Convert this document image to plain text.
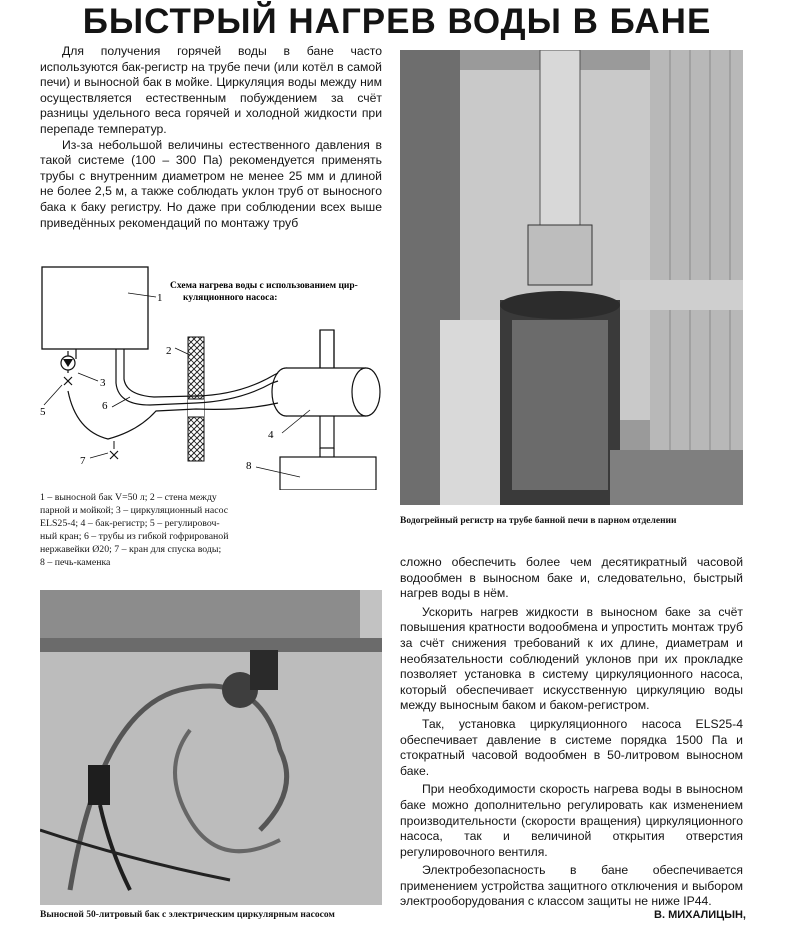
БЫСТРЫЙ НАГРЕВ ВОДЫ В БАНЕ

Для получения горячей воды в бане часто используются бак-регистр на трубе печи (или котёл в самой печи) и выносной бак в мойке. Циркуляция воды между ним осуществляется естественным побуждением за счёт разницы удельного веса горячей и холодной жидкости при перепаде температур.

Из-за небольшой величины естественного давления в такой системе (100 – 300 Па) рекомендуется применять трубы с внутренним диаметром не менее 25 мм и длиной не более 2,5 м, а также соблюдать уклон труб от выносного бака к баку регистру. Но даже при соблюдении всех выше приведённых рекомендаций по монтажу труб

1
Схема нагрева воды с использованием цир-
куляционного насоса:
2
4
8
3
5	6
7
1 – выносной бак V=50 л; 2 – стена между
парной и мойкой; 3 – циркуляционный насос
ELS25-4; 4 – бак-регистр; 5 – регулировоч-
ный кран; 6 – трубы из гибкой гофрированой
нержавейки Ø20; 7 – кран для спуска воды;
8 – печь-каменка
Водогрейный регистр на трубе банной печи в парном отделении
Выносной 50-литровый бак с электрическим циркулярным насосом

сложно обеспечить более чем десятикратный часовой водообмен в выносном баке и, следовательно, быстрый нагрев воды в нём.

Ускорить нагрев жидкости в выносном баке за счёт повышения кратности водообмена и упростить монтаж труб за счёт снижения требований к их длине, диаметрам и необязательности соблюдений уклонов при их прокладке позволяет установка в систему циркуляционного насоса, который обеспечивает искусственную циркуляцию воды между выносным баком и баком-регистром.

Так, установка циркуляционного насоса ELS25-4 обеспечивает давление в системе порядка 1500 Па и стократный часовой водообмен в 50-литровом выносном баке.

При необходимости скорость нагрева воды в выносном баке можно дополнительно регулировать как изменением производительности (скорости вращения) циркуляционного насоса, так и величиной открытия отверстия регулировочного вентиля.

Электробезопасность в бане обеспечивается применением устройства защитного отключения и выбором электрооборудования с классом защиты не ниже IP44.

В. МИХАЛИЦЫН,
